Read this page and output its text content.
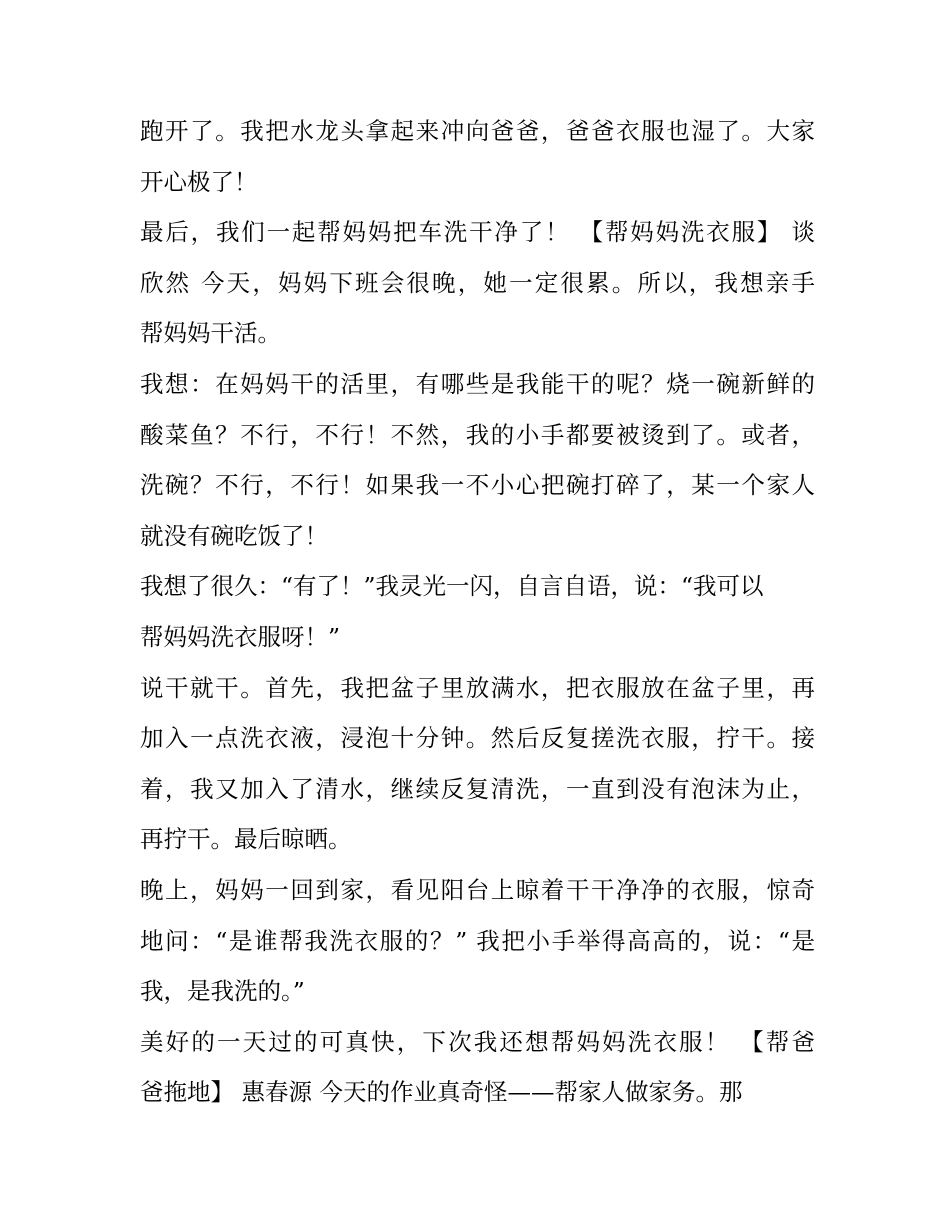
跑开了。我把水龙头拿起来冲向爸爸，爸爸衣服也湿了。大家
开心极了！
最后，我们一起帮妈妈把车洗干净了！ 【帮妈妈洗衣服】 谈
欣然 今天，妈妈下班会很晚，她一定很累。所以，我想亲手
帮妈妈干活。
我想：在妈妈干的活里，有哪些是我能干的呢？烧一碗新鲜的
酸菜鱼？不行，不行！不然，我的小手都要被烫到了。或者，
洗碗？不行，不行！如果我一不小心把碗打碎了，某一个家人
就没有碗吃饭了！
我想了很久：“有了！”我灵光一闪，自言自语，说：“我可以
帮妈妈洗衣服呀！”
说干就干。首先，我把盆子里放满水，把衣服放在盆子里，再
加入一点洗衣液，浸泡十分钟。然后反复搓洗衣服，拧干。接
着，我又加入了清水，继续反复清洗，一直到没有泡沫为止，
再拧干。最后晾晒。
晚上，妈妈一回到家，看见阳台上晾着干干净净的衣服，惊奇
地问：“是谁帮我洗衣服的？” 我把小手举得高高的，说：“是
我，是我洗的。”
美好的一天过的可真快，下次我还想帮妈妈洗衣服！ 【帮爸
爸拖地】 惠春源 今天的作业真奇怪——帮家人做家务。那
